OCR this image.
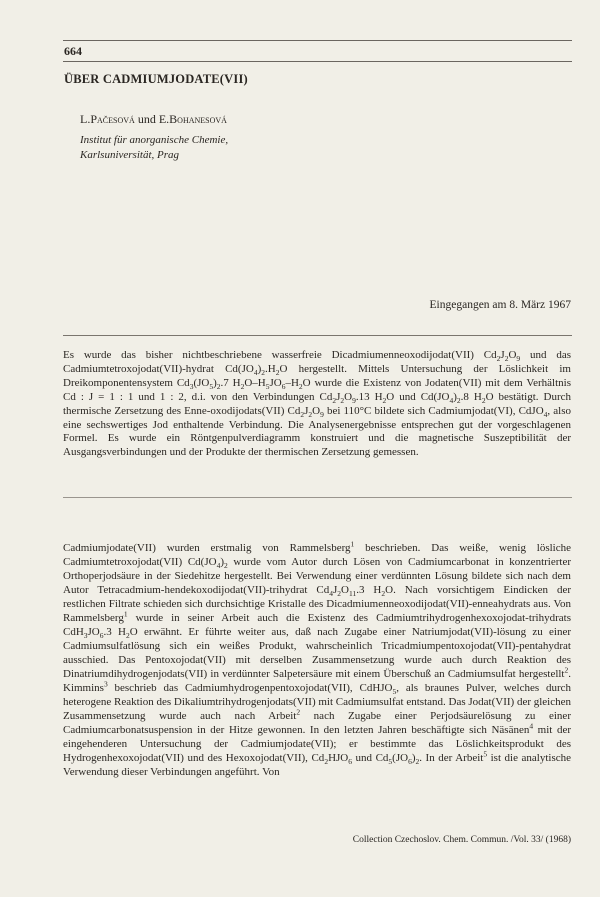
664
ÜBER CADMIUMJODATE(VII)
L.Pačesová und E.Bohanesová
Institut für anorganische Chemie,
Karlsuniversität, Prag
Eingegangen am 8. März 1967

Es wurde das bisher nichtbeschriebene wasserfreie Dicadmiumenneoxodijodat(VII) $Cd_2J_2O_9$ und das Cadmiumtetroxojodat(VII)-hydrat $Cd(JO_4)_2.H_2O$ hergestellt. Mittels Untersuchung der Löslichkeit im Dreikomponentensystem $Cd_3(JO_5)_2.7$ $H_2O-H_5JO_6-H_2O$ wurde die Existenz von Jodaten(VII) mit dem Verhältnis Cd : J = 1 : 1 und 1 : 2, d.i. von den Verbindungen $Cd_2J_2O_9.13$ $H_2O$ und $Cd(JO_4)_2.8$ $H_2O$ bestätigt. Durch thermische Zersetzung des Enne-oxodijodats(VII) $Cd_2J_2O_9$ bei 110°C bildete sich Cadmiumjodat(VI), CdJO$_4$, also eine sechswertiges Jod enthaltende Verbindung. Die Analysenergebnisse entsprechen gut der vorgeschlagenen Formel. Es wurde ein Röntgenpulverdiagramm konstruiert und die magnetische Suszeptibilität der Ausgangsverbindungen und der Produkte der thermischen Zersetzung gemessen.

Cadmiumjodate(VII) wurden erstmalig von Rammelsberg$^1$ beschrieben. Das weiße, wenig lösliche Cadmiumtetroxojodat(VII) $Cd(JO_4)_2$ wurde vom Autor durch Lösen von Cadmiumcarbonat in konzentrierter Orthoperjodsäure in der Siedehitze hergestellt. Bei Verwendung einer verdünnten Lösung bildete sich nach dem Autor Tetracadmium-hendekoxodijodat(VII)-trihydrat $Cd_4J_2O_{11}.3$ $H_2O$. Nach vorsichtigem Eindicken der restlichen Filtrate schieden sich durchsichtige Kristalle des Dicadmiumenneoxodijodat(VII)-enneahydrats aus. Von Rammelsberg$^1$ wurde in seiner Arbeit auch die Existenz des Cadmiumtrihydrogenhexoxojodat-trihydrats $CdH_3JO_6.3$ $H_2O$ erwähnt. Er führte weiter aus, daß nach Zugabe einer Natriumjodat(VII)-lösung zu einer Cadmiumsulfatlösung sich ein weißes Produkt, wahrscheinlich Tricadmiumpentoxojodat(VII)-pentahydrat ausschied. Das Pentoxojodat(VII) mit derselben Zusammensetzung wurde auch durch Reaktion des Dinatriumdihydrogenjodats(VII) in verdünnter Salpetersäure mit einem Überschuß an Cadmiumsulfat hergestellt$^2$. Kimmins$^3$ beschrieb das Cadmiumhydrogenpentoxojodat(VII), CdHJO$_5$, als braunes Pulver, welches durch heterogene Reaktion des Dikaliumtrihydrogenjodats(VII) mit Cadmiumsulfat entstand. Das Jodat(VII) der gleichen Zusammensetzung wurde auch nach Arbeit$^2$ nach Zugabe einer Perjodsäurelösung zu einer Cadmiumcarbonatsuspension in der Hitze gewonnen. In den letzten Jahren beschäftigte sich Näsänen$^4$ mit der eingehenderen Untersuchung der Cadmiumjodate(VII); er bestimmte das Löslichkeitsprodukt des Hydrogenhexoxojodat(VII) und des Hexoxojodat(VII), $Cd_2HJO_6$ und $Cd_5(JO_6)_2$. In der Arbeit$^5$ ist die analytische Verwendung dieser Verbindungen angeführt. Von

Collection Czechoslov. Chem. Commun. /Vol. 33/ (1968)
